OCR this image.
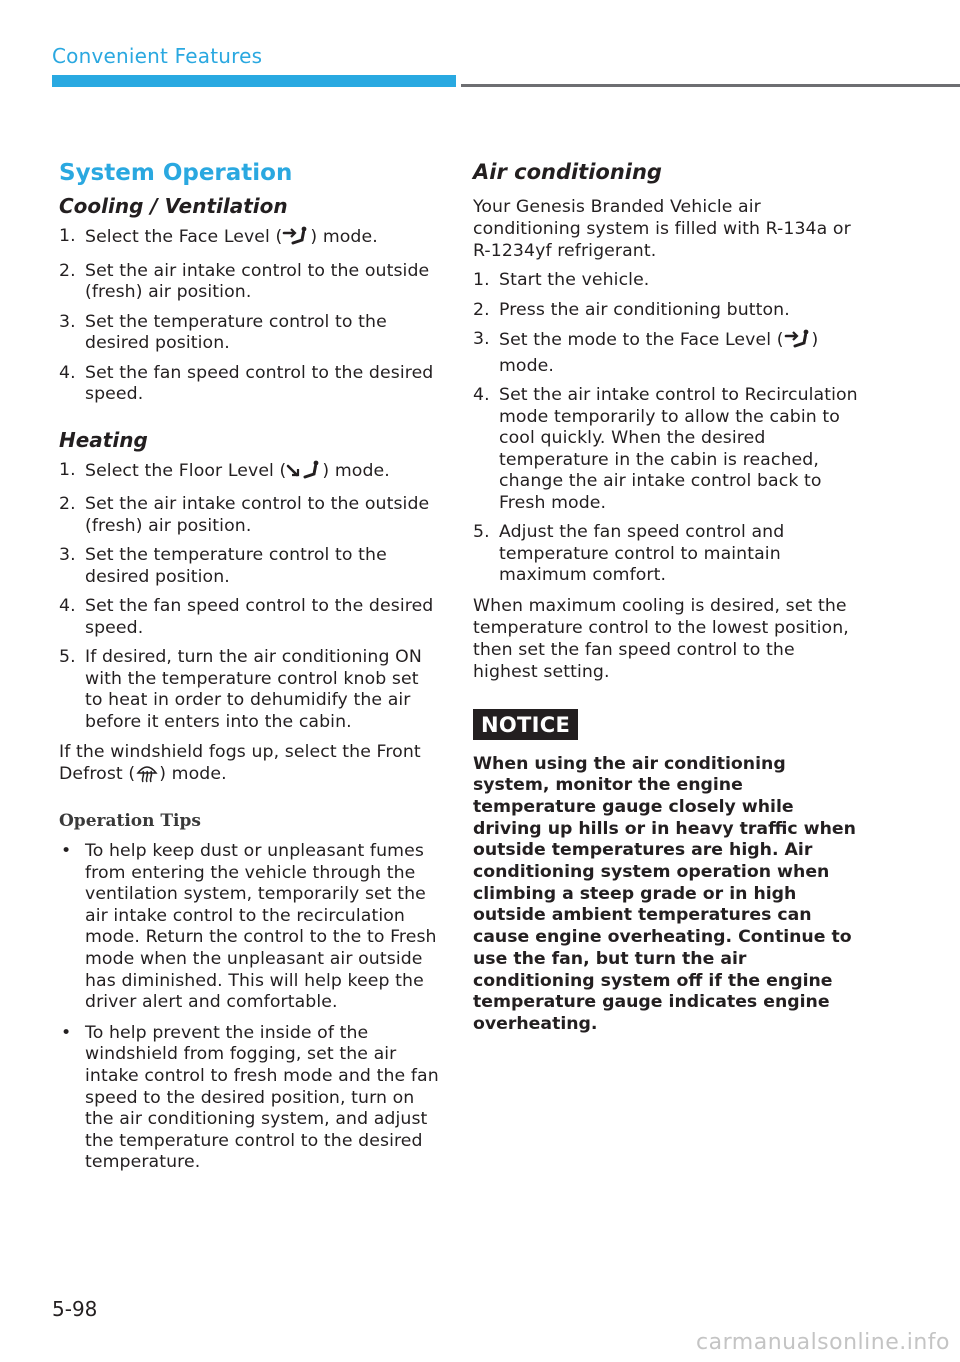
Convenient Features
System Operation
Cooling / Ventilation
1. Select the Face Level ( ) mode.
2. Set the air intake control to the outside (fresh) air position.
3. Set the temperature control to the desired position.
4. Set the fan speed control to the desired speed.
Heating
1. Select the Floor Level ( ) mode.
2. Set the air intake control to the outside (fresh) air position.
3. Set the temperature control to the desired position.
4. Set the fan speed control to the desired speed.
5. If desired, turn the air conditioning ON with the temperature control knob set to heat in order to dehumidify the air before it enters into the cabin.

If the windshield fogs up, select the Front Defrost ( ) mode.

Operation Tips
• To help keep dust or unpleasant fumes from entering the vehicle through the ventilation system, temporarily set the air intake control to the recirculation mode. Return the control to the to Fresh mode when the unpleasant air outside has diminished. This will help keep the driver alert and comfortable.
• To help prevent the inside of the windshield from fogging, set the air intake control to fresh mode and the fan speed to the desired position, turn on the air conditioning system, and adjust the temperature control to the desired temperature.
Air conditioning

Your Genesis Branded Vehicle air conditioning system is filled with R-134a or R-1234yf refrigerant.

1. Start the vehicle.
2. Press the air conditioning button.
3. Set the mode to the Face Level ( ) mode.
4. Set the air intake control to Recirculation mode temporarily to allow the cabin to cool quickly. When the desired temperature in the cabin is reached, change the air intake control back to Fresh mode.
5. Adjust the fan speed control and temperature control to maintain maximum comfort.

When maximum cooling is desired, set the temperature control to the lowest position, then set the fan speed control to the highest setting.

NOTICE

When using the air conditioning system, monitor the engine temperature gauge closely while driving up hills or in heavy traffic when outside temperatures are high. Air conditioning system operation when climbing a steep grade or in high outside ambient temperatures can cause engine overheating. Continue to use the fan, but turn the air conditioning system off if the engine temperature gauge indicates engine overheating.

5-98
carmanualsonline.info
